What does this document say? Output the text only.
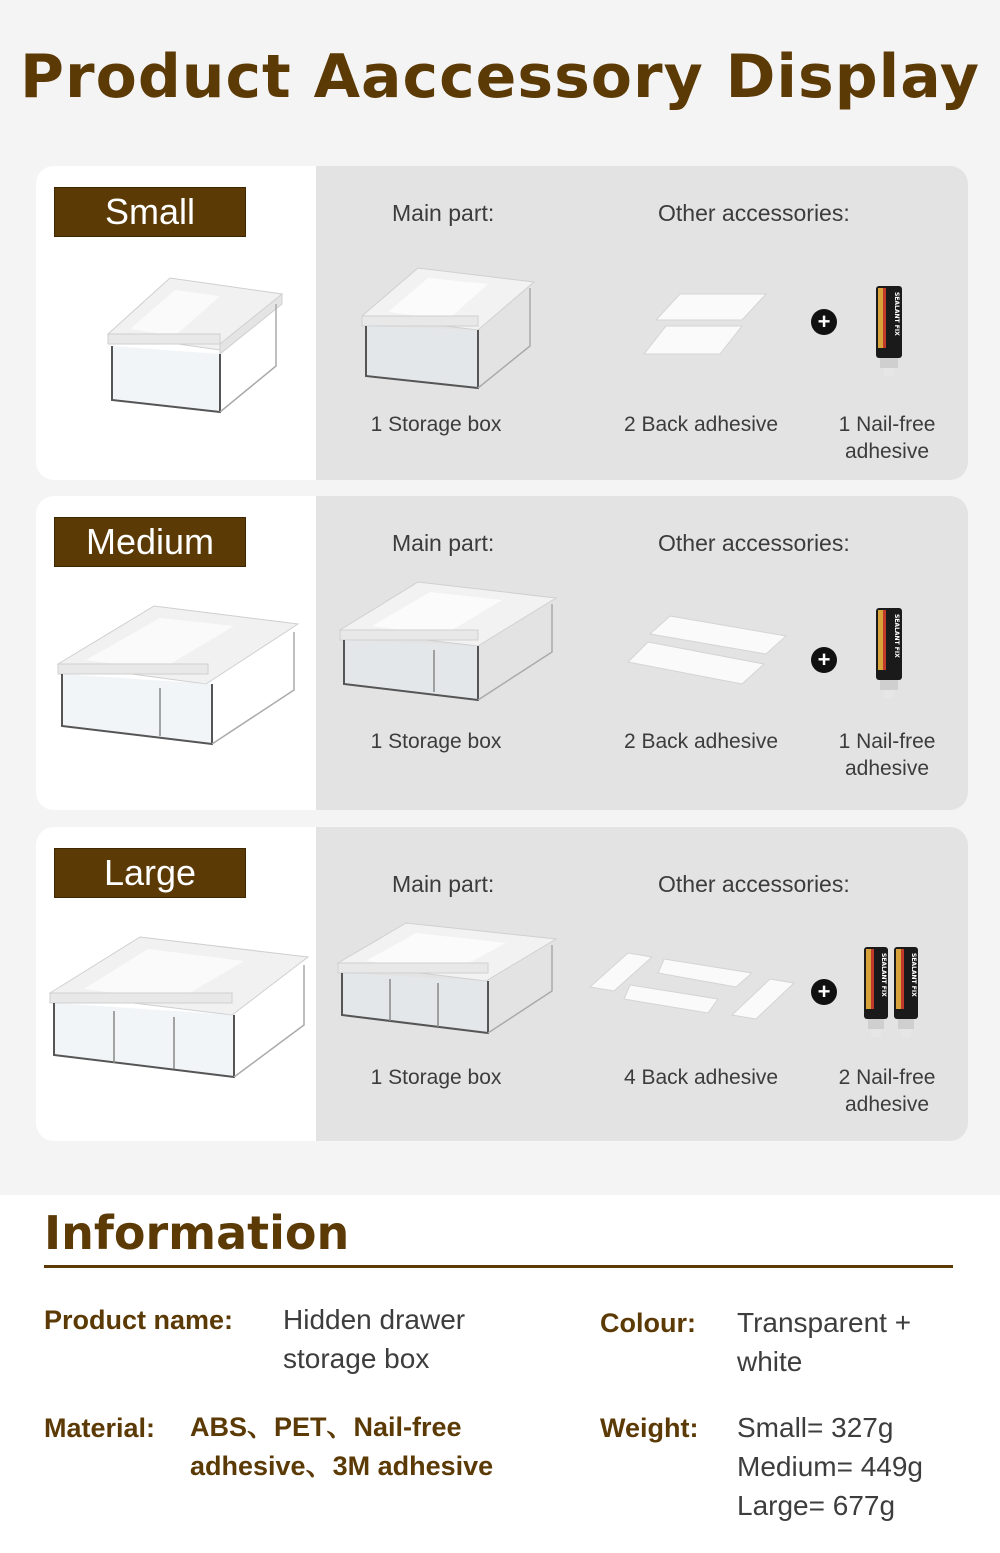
Product Aaccessory Display
Small	Main part:	Other accessories:
+	SEALANT FIX
1 Storage box	2 Back adhesive	1 Nail-free
adhesive
Medium	Main part:	Other accessories:
+
SEALANT FIX
1 Storage box	2 Back adhesive	1 Nail-free
adhesive
Large	Main part:	Other accessories:
+	SEALANT FIX	SEALANT FIX
1 Storage box	4 Back adhesive	2 Nail-free
adhesive
Information
Product name: Hidden drawer
storage box
Material: ABS、PET、Nail-free
adhesive、3M adhesive
Colour: Transparent +
white
Weight: Small= 327g
Medium= 449g
Large= 677g
